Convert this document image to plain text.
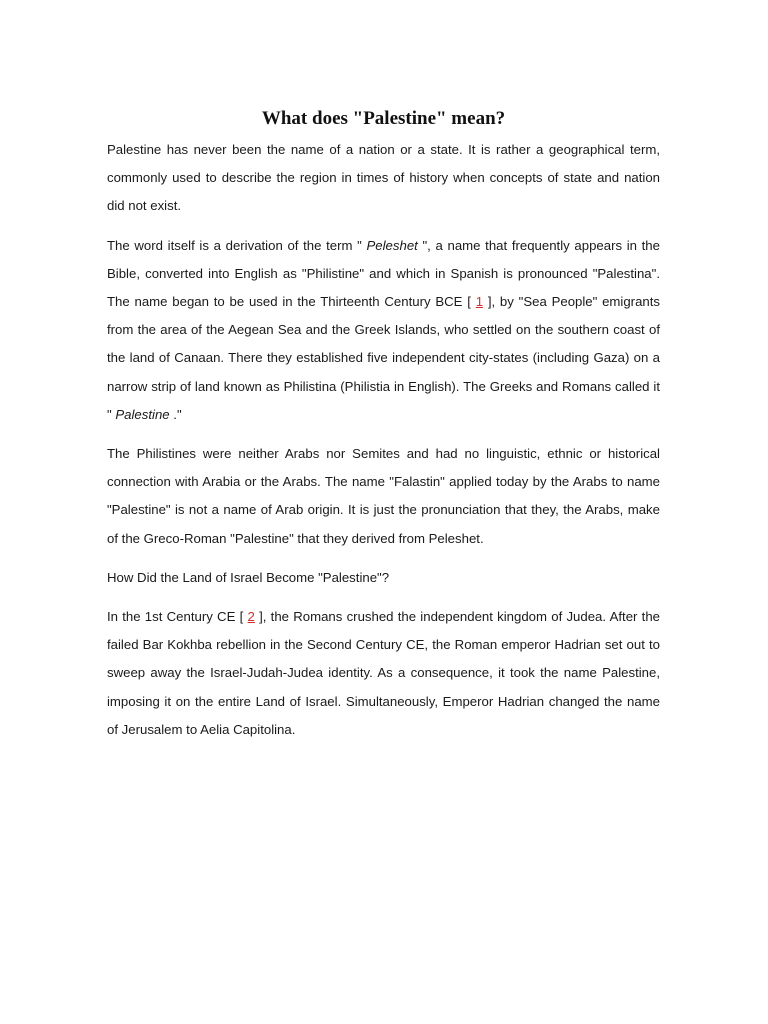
What does "Palestine" mean?

Palestine has never been the name of a nation or a state. It is rather a geographical term, commonly used to describe the region in times of history when concepts of state and nation did not exist.

The word itself is a derivation of the term " Peleshet ", a name that frequently appears in the Bible, converted into English as "Philistine" and which in Spanish is pronounced "Palestina". The name began to be used in the Thirteenth Century BCE [ 1 ], by "Sea People" emigrants from the area of the Aegean Sea and the Greek Islands, who settled on the southern coast of the land of Canaan. There they established five independent city-states (including Gaza) on a narrow strip of land known as Philistina (Philistia in English). The Greeks and Romans called it " Palestine ."

The Philistines were neither Arabs nor Semites and had no linguistic, ethnic or historical connection with Arabia or the Arabs. The name "Falastin" applied today by the Arabs to name "Palestine" is not a name of Arab origin. It is just the pronunciation that they, the Arabs, make of the Greco-Roman "Palestine" that they derived from Peleshet.

How Did the Land of Israel Become "Palestine"?

In the 1st Century CE [ 2 ], the Romans crushed the independent kingdom of Judea. After the failed Bar Kokhba rebellion in the Second Century CE, the Roman emperor Hadrian set out to sweep away the Israel-Judah-Judea identity. As a consequence, it took the name Palestine, imposing it on the entire Land of Israel. Simultaneously, Emperor Hadrian changed the name of Jerusalem to Aelia Capitolina.
